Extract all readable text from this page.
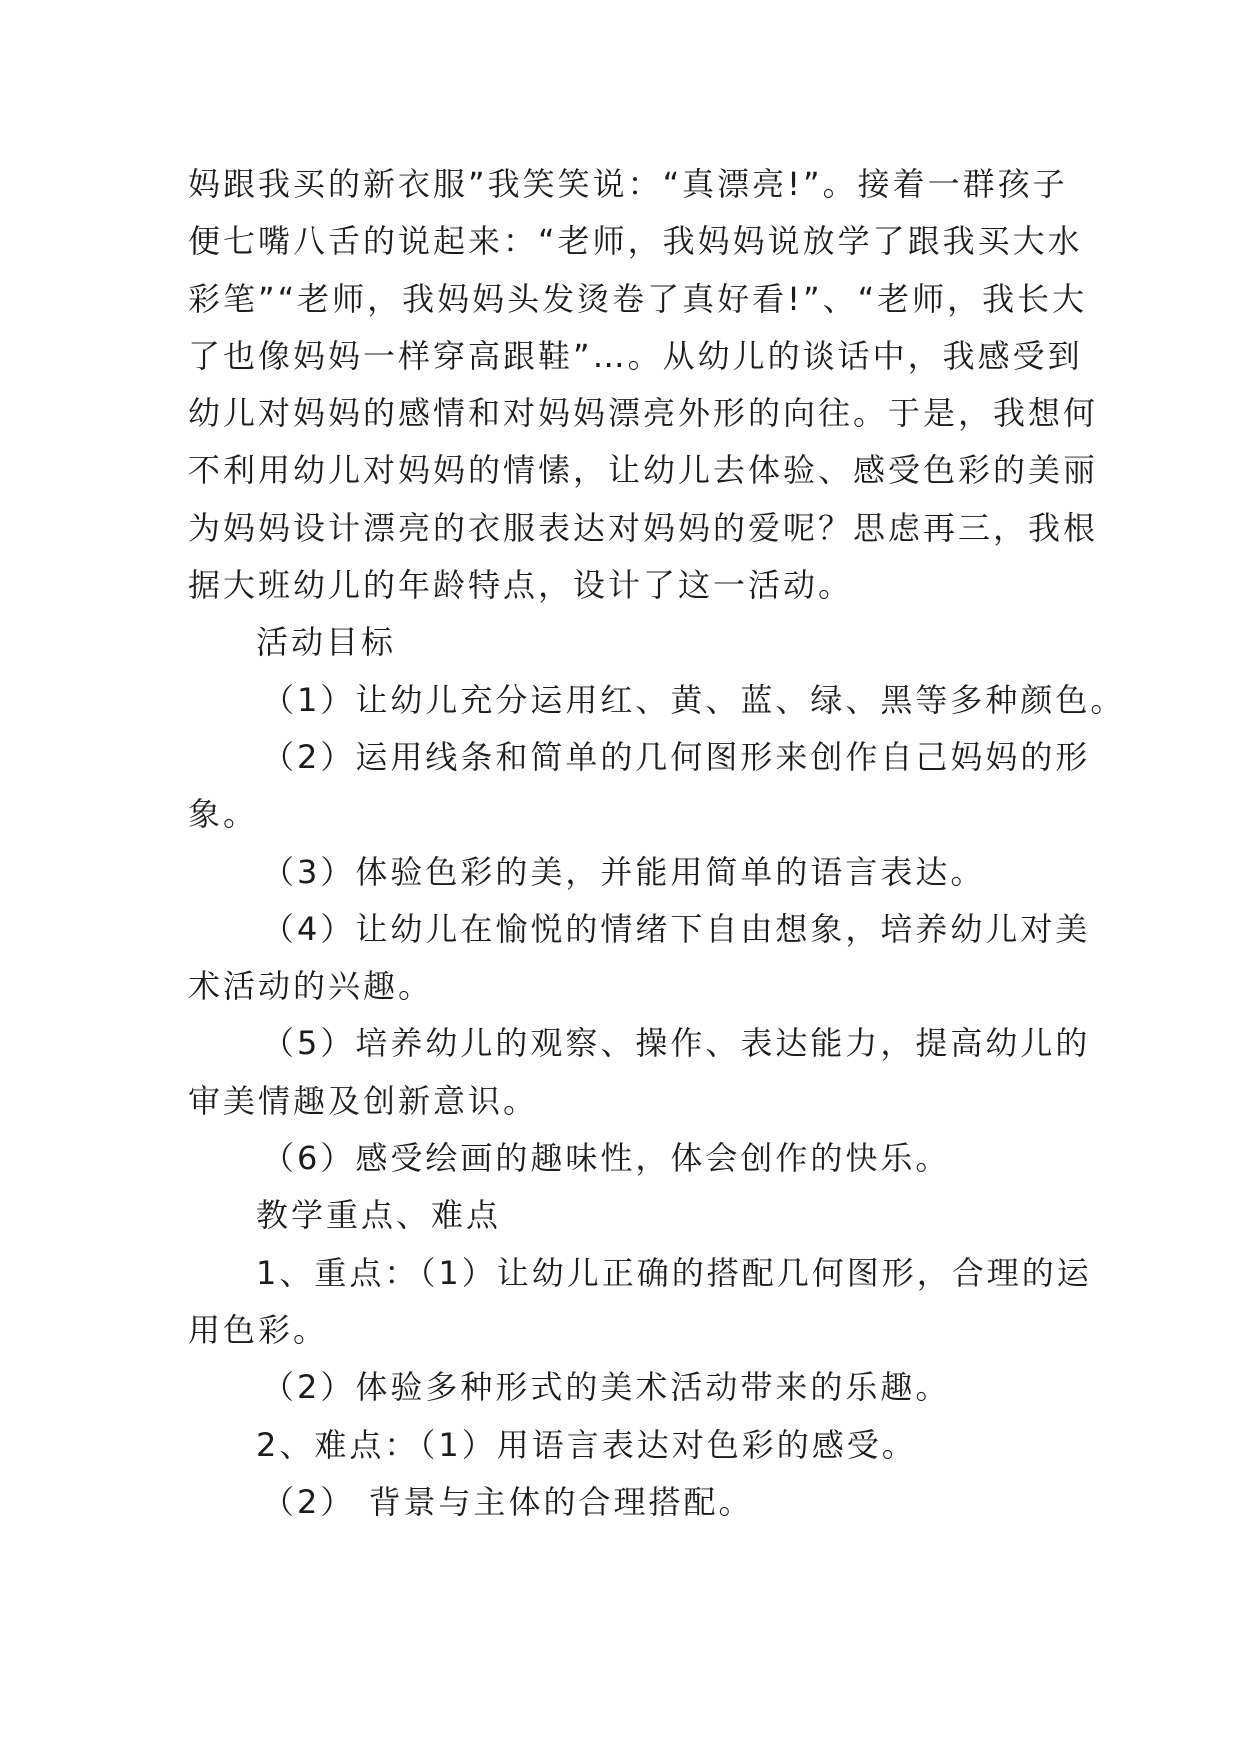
妈跟我买的新衣服”我笑笑说：“真漂亮!”。接着一群孩子
便七嘴八舌的说起来：“老师，我妈妈说放学了跟我买大水
彩笔”“老师，我妈妈头发烫卷了真好看!”、“老师，我长大
了也像妈妈一样穿高跟鞋”…。从幼儿的谈话中，我感受到
幼儿对妈妈的感情和对妈妈漂亮外形的向往。于是，我想何
不利用幼儿对妈妈的情愫，让幼儿去体验、感受色彩的美丽
为妈妈设计漂亮的衣服表达对妈妈的爱呢？思虑再三，我根
据大班幼儿的年龄特点，设计了这一活动。
活动目标
（1）让幼儿充分运用红、黄、蓝、绿、黑等多种颜色。
（2）运用线条和简单的几何图形来创作自己妈妈的形
象。
（3）体验色彩的美，并能用简单的语言表达。
（4）让幼儿在愉悦的情绪下自由想象，培养幼儿对美
术活动的兴趣。
（5）培养幼儿的观察、操作、表达能力，提高幼儿的
审美情趣及创新意识。
（6）感受绘画的趣味性，体会创作的快乐。
教学重点、难点
1、重点：（1）让幼儿正确的搭配几何图形，合理的运
用色彩。
（2）体验多种形式的美术活动带来的乐趣。
2、难点：（1）用语言表达对色彩的感受。
（2） 背景与主体的合理搭配。
